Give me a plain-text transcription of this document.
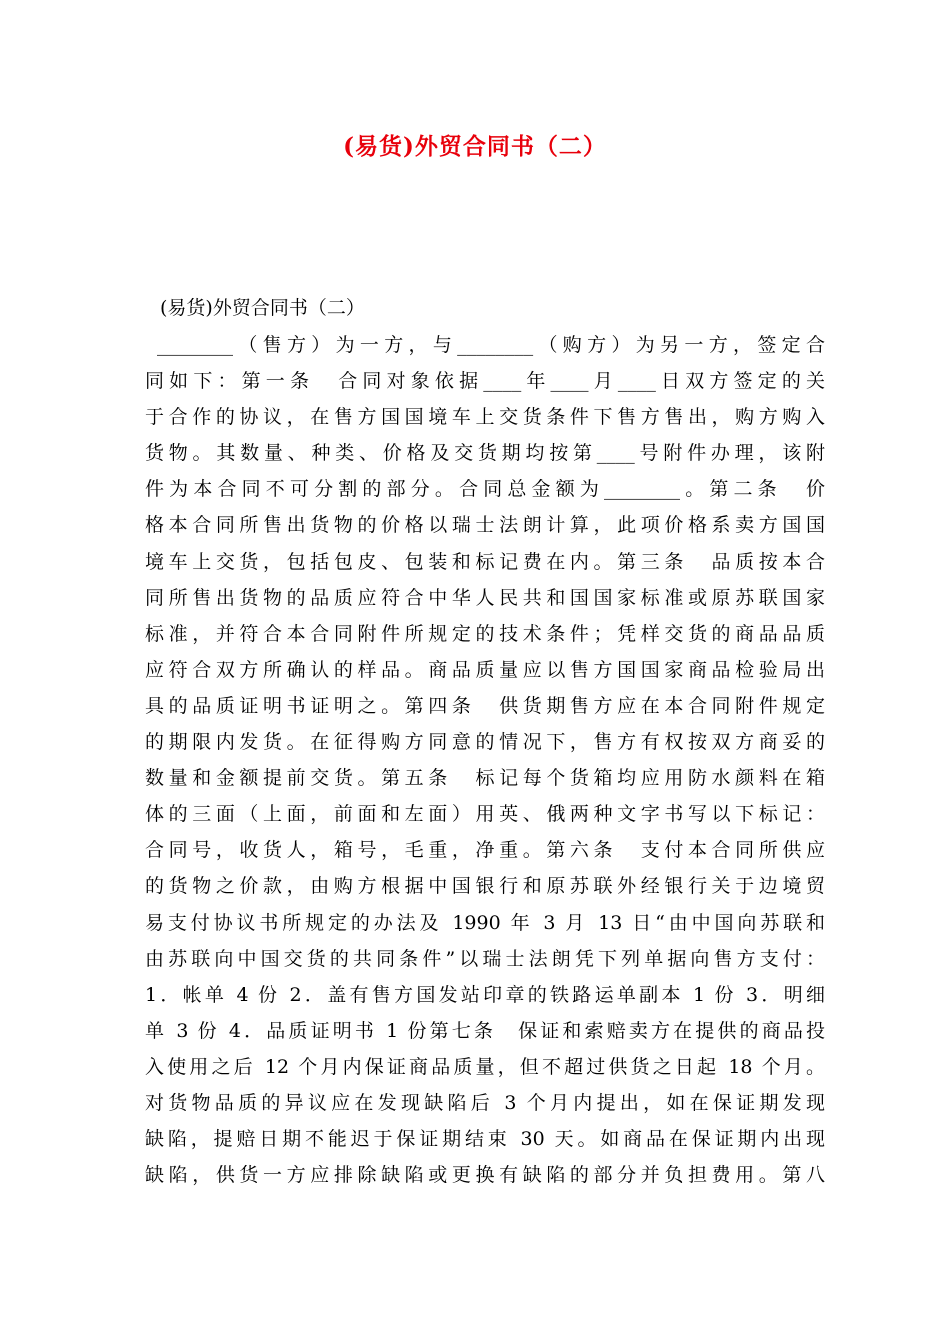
(易货)外贸合同书（二）
(易货)外贸合同书（二）
________（售方）为一方，与________（购方）为另一方，签定合
同如下：第一条　合同对象依据____年____月____日双方签定的关
于合作的协议，在售方国国境车上交货条件下售方售出，购方购入
货物。其数量、种类、价格及交货期均按第____号附件办理，该附
件为本合同不可分割的部分。合同总金额为________。第二条　价
格本合同所售出货物的价格以瑞士法朗计算，此项价格系卖方国国
境车上交货，包括包皮、包装和标记费在内。第三条　品质按本合
同所售出货物的品质应符合中华人民共和国国家标准或原苏联国家
标准，并符合本合同附件所规定的技术条件；凭样交货的商品品质
应符合双方所确认的样品。商品质量应以售方国国家商品检验局出
具的品质证明书证明之。第四条　供货期售方应在本合同附件规定
的期限内发货。在征得购方同意的情况下，售方有权按双方商妥的
数量和金额提前交货。第五条　标记每个货箱均应用防水颜料在箱
体的三面（上面，前面和左面）用英、俄两种文字书写以下标记：
合同号，收货人，箱号，毛重，净重。第六条　支付本合同所供应
的货物之价款，由购方根据中国银行和原苏联外经银行关于边境贸
易支付协议书所规定的办法及 1990 年 3 月 13 日“由中国向苏联和
由苏联向中国交货的共同条件”以瑞士法朗凭下列单据向售方支付：
1．帐单 4 份 2．盖有售方国发站印章的铁路运单副本 1 份 3．明细
单 3 份 4．品质证明书 1 份第七条　保证和索赔卖方在提供的商品投
入使用之后 12 个月内保证商品质量，但不超过供货之日起 18 个月。
对货物品质的异议应在发现缺陷后 3 个月内提出，如在保证期发现
缺陷，提赔日期不能迟于保证期结束 30 天。如商品在保证期内出现
缺陷，供货一方应排除缺陷或更换有缺陷的部分并负担费用。第八
